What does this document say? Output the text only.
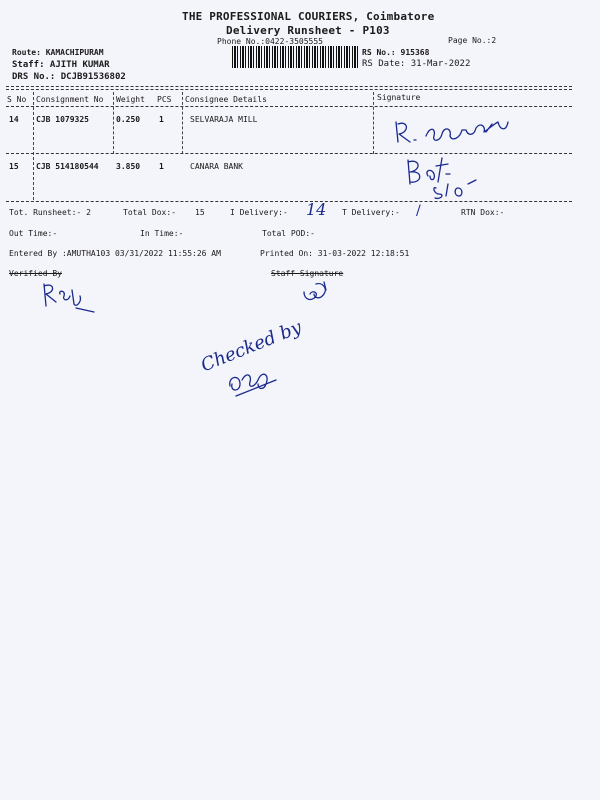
THE PROFESSIONAL COURIERS, Coimbatore
Delivery Runsheet - P103
Phone No.:0422-3505555	Page No.:2
Route: KAMACHIPURAM
Staff: AJITH KUMAR
DRS No.: DCJB91536802
RS No.: 915368
RS Date: 31-Mar-2022
S No Consignment No Weight PCS Consignee Details	Signature
14 CJB 1079325	0.250 1	SELVARAJA MILL
15 CJB 514180544 3.850 1	CANARA BANK
Tot. Runsheet:- 2	Total Dox:- 15	I Delivery:- 14 T Delivery:- /	RTN Dox:-
Out Time:-	In Time:-	Total POD:-
Entered By :AMUTHA103 03/31/2022 11:55:26 AM	Printed On: 31-03-2022 12:18:51
Verified By	Staff Signature
Checked by
